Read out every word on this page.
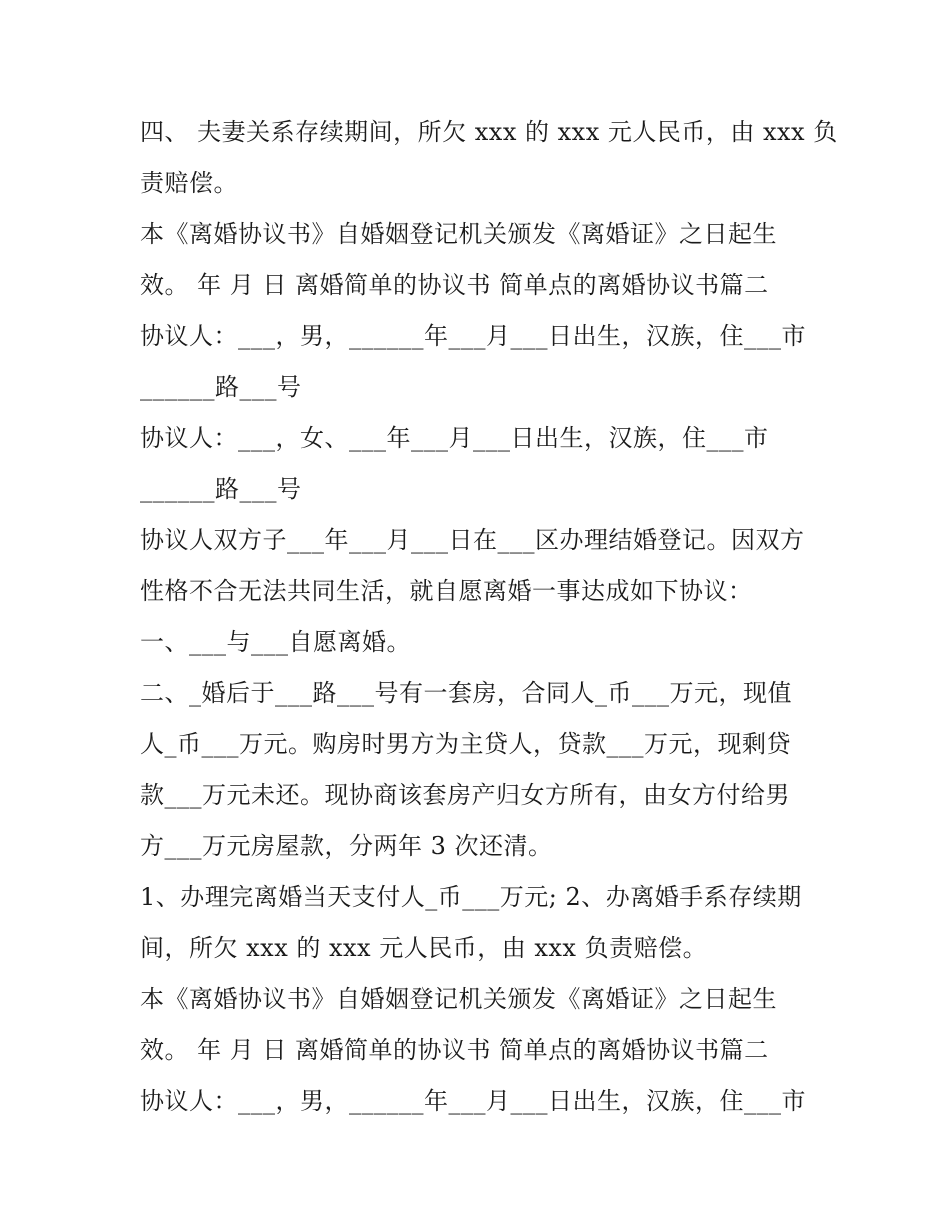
四、 夫妻关系存续期间，所欠 xxx 的 xxx 元人民币，由 xxx 负
责赔偿。
本《离婚协议书》自婚姻登记机关颁发《离婚证》之日起生
效。 年 月 日 离婚简单的协议书 简单点的离婚协议书篇二
协议人：___，男，______年___月___日出生，汉族，住___市
______路___号
协议人：___，女、___年___月___日出生，汉族，住___市
______路___号
协议人双方子___年___月___日在___区办理结婚登记。因双方
性格不合无法共同生活，就自愿离婚一事达成如下协议：
一、___与___自愿离婚。
二、_婚后于___路___号有一套房，合同人_币___万元，现值
人_币___万元。购房时男方为主贷人，贷款___万元，现剩贷
款___万元未还。现协商该套房产归女方所有，由女方付给男
方___万元房屋款，分两年 3 次还清。
1、办理完离婚当天支付人_币___万元; 2、办离婚手系存续期
间，所欠 xxx 的 xxx 元人民币，由 xxx 负责赔偿。
本《离婚协议书》自婚姻登记机关颁发《离婚证》之日起生
效。 年 月 日 离婚简单的协议书 简单点的离婚协议书篇二
协议人：___，男，______年___月___日出生，汉族，住___市
